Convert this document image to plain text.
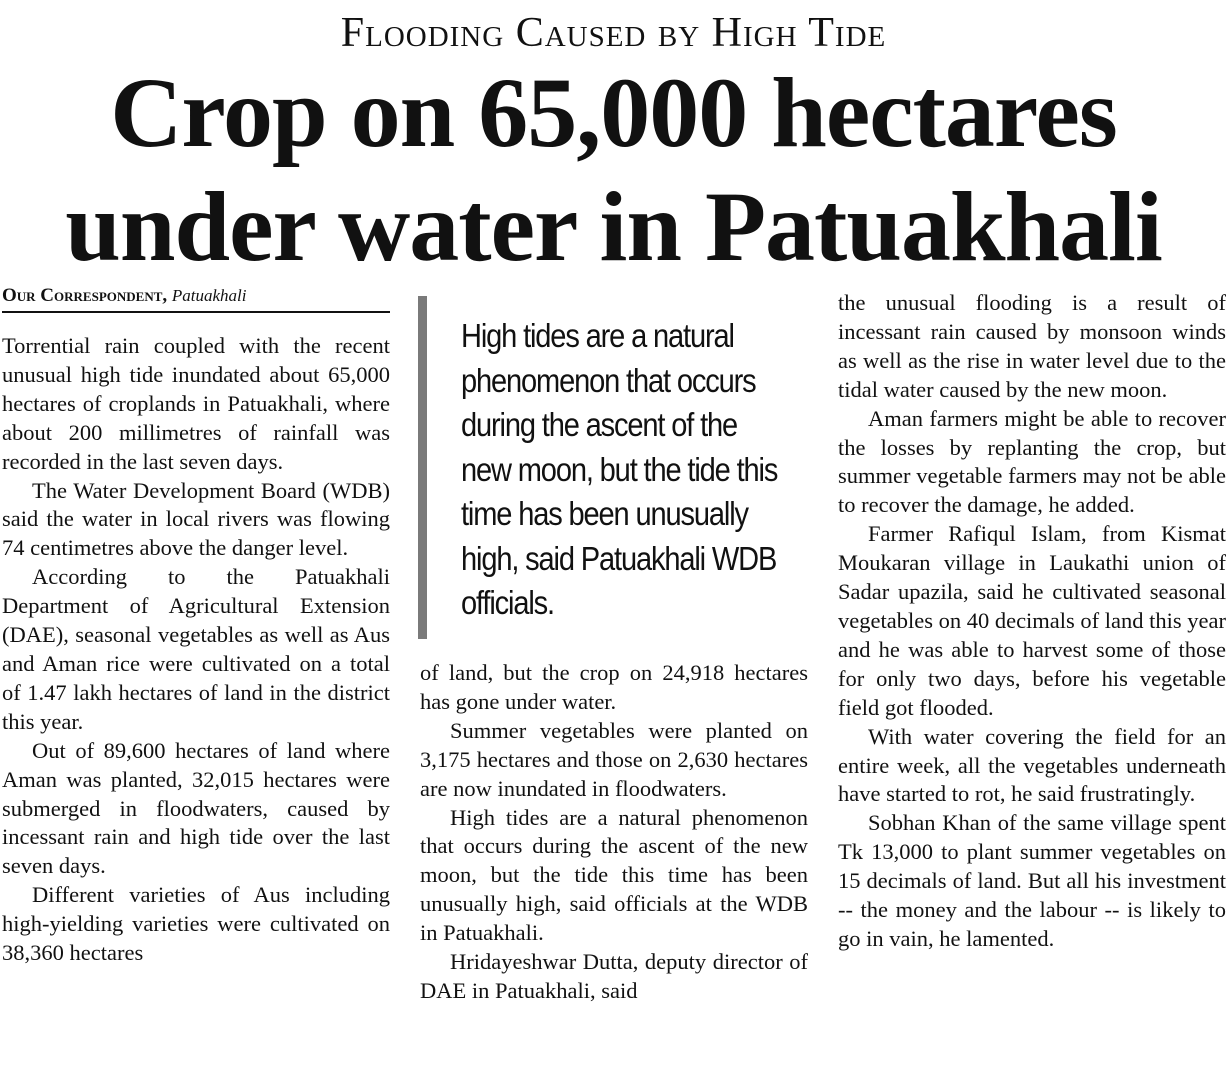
Flooding Caused by High Tide
Crop on 65,000 hectares
under water in Patuakhali
Our Correspondent, Patuakhali

Torrential rain coupled with the recent unusual high tide inundated about 65,000 hectares of croplands in Patuakhali, where about 200 millimetres of rainfall was recorded in the last seven days.

The Water Development Board (WDB) said the water in local rivers was flowing 74 centimetres above the danger level.

According to the Patuakhali Department of Agricultural Extension (DAE), seasonal vegetables as well as Aus and Aman rice were cultivated on a total of 1.47 lakh hectares of land in the district this year.

Out of 89,600 hectares of land where Aman was planted, 32,015 hectares were submerged in floodwaters, caused by incessant rain and high tide over the last seven days.

Different varieties of Aus including high-yielding varieties were cultivated on 38,360 hectares

High tides are a natural phenomenon that occurs during the ascent of the new moon, but the tide this time has been unusually high, said Patuakhali WDB officials.

of land, but the crop on 24,918 hectares has gone under water.

Summer vegetables were planted on 3,175 hectares and those on 2,630 hectares are now inundated in floodwaters.

High tides are a natural phenomenon that occurs during the ascent of the new moon, but the tide this time has been unusually high, said officials at the WDB in Patuakhali.

Hridayeshwar Dutta, deputy director of DAE in Patuakhali, said

the unusual flooding is a result of incessant rain caused by monsoon winds as well as the rise in water level due to the tidal water caused by the new moon.

Aman farmers might be able to recover the losses by replanting the crop, but summer vegetable farmers may not be able to recover the damage, he added.

Farmer Rafiqul Islam, from Kismat Moukaran village in Laukathi union of Sadar upazila, said he cultivated seasonal vegetables on 40 decimals of land this year and he was able to harvest some of those for only two days, before his vegetable field got flooded.

With water covering the field for an entire week, all the vegetables underneath have started to rot, he said frustratingly.

Sobhan Khan of the same village spent Tk 13,000 to plant summer vegetables on 15 decimals of land. But all his investment -- the money and the labour -- is likely to go in vain, he lamented.
